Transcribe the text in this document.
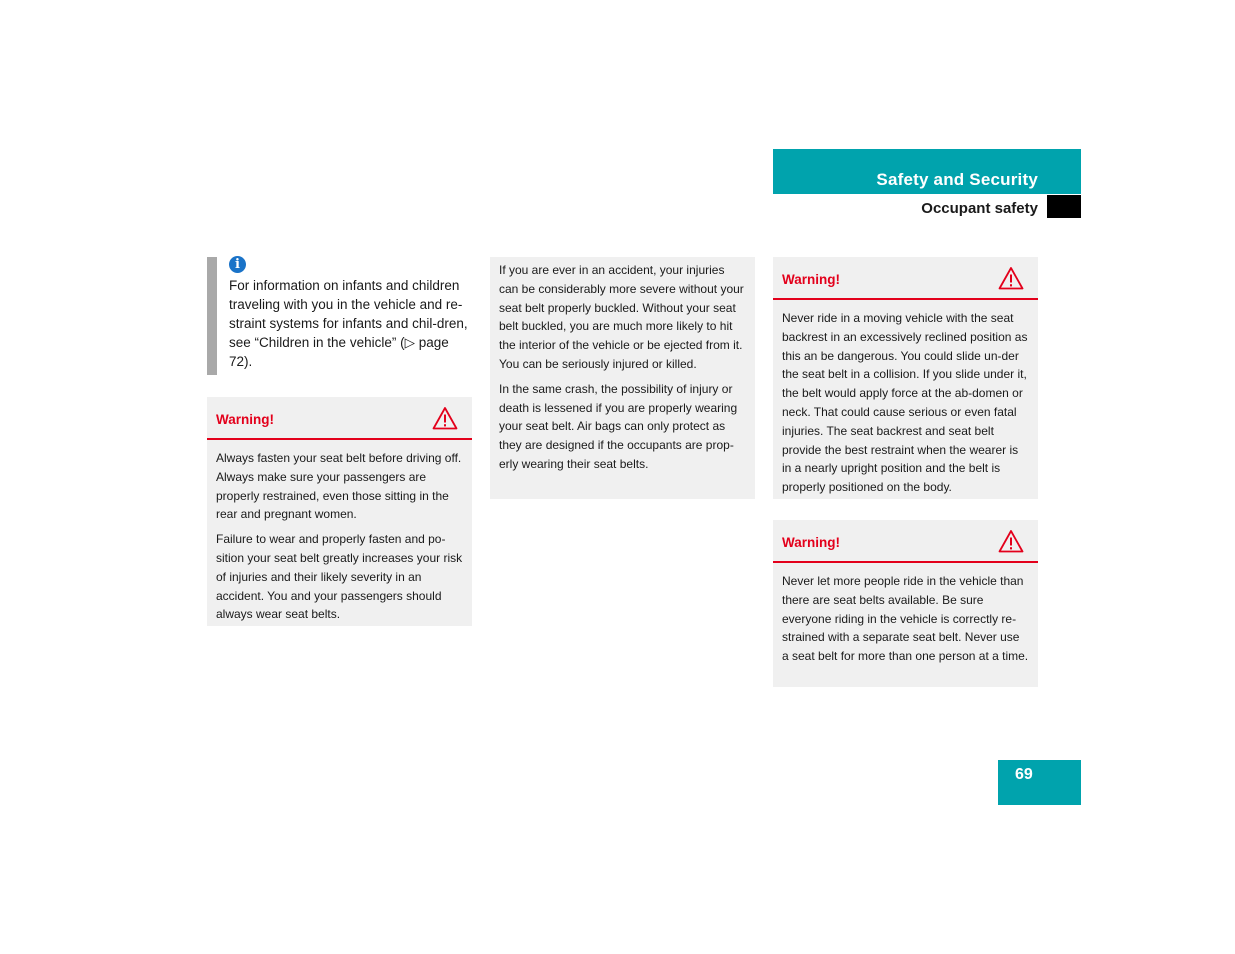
Safety and Security
Occupant safety
i
For information on infants and children traveling with you in the vehicle and re-straint systems for infants and chil-dren, see “Children in the vehicle” (▷ page 72).
Warning!

Always fasten your seat belt before driving off. Always make sure your passengers are properly restrained, even those sitting in the rear and pregnant women.

Failure to wear and properly fasten and po-sition your seat belt greatly increases your risk of injuries and their likely severity in an accident. You and your passengers should always wear seat belts.

If you are ever in an accident, your injuries can be considerably more severe without your seat belt properly buckled. Without your seat belt buckled, you are much more likely to hit the interior of the vehicle or be ejected from it. You can be seriously injured or killed.

In the same crash, the possibility of injury or death is lessened if you are properly wearing your seat belt. Air bags can only protect as they are designed if the occupants are prop-erly wearing their seat belts.

Warning!

Never ride in a moving vehicle with the seat backrest in an excessively reclined position as this an be dangerous. You could slide un-der the seat belt in a collision. If you slide under it, the belt would apply force at the ab-domen or neck. That could cause serious or even fatal injuries. The seat backrest and seat belt provide the best restraint when the wearer is in a nearly upright position and the belt is properly positioned on the body.

Warning!

Never let more people ride in the vehicle than there are seat belts available. Be sure everyone riding in the vehicle is correctly re-strained with a separate seat belt. Never use a seat belt for more than one person at a time.

69
